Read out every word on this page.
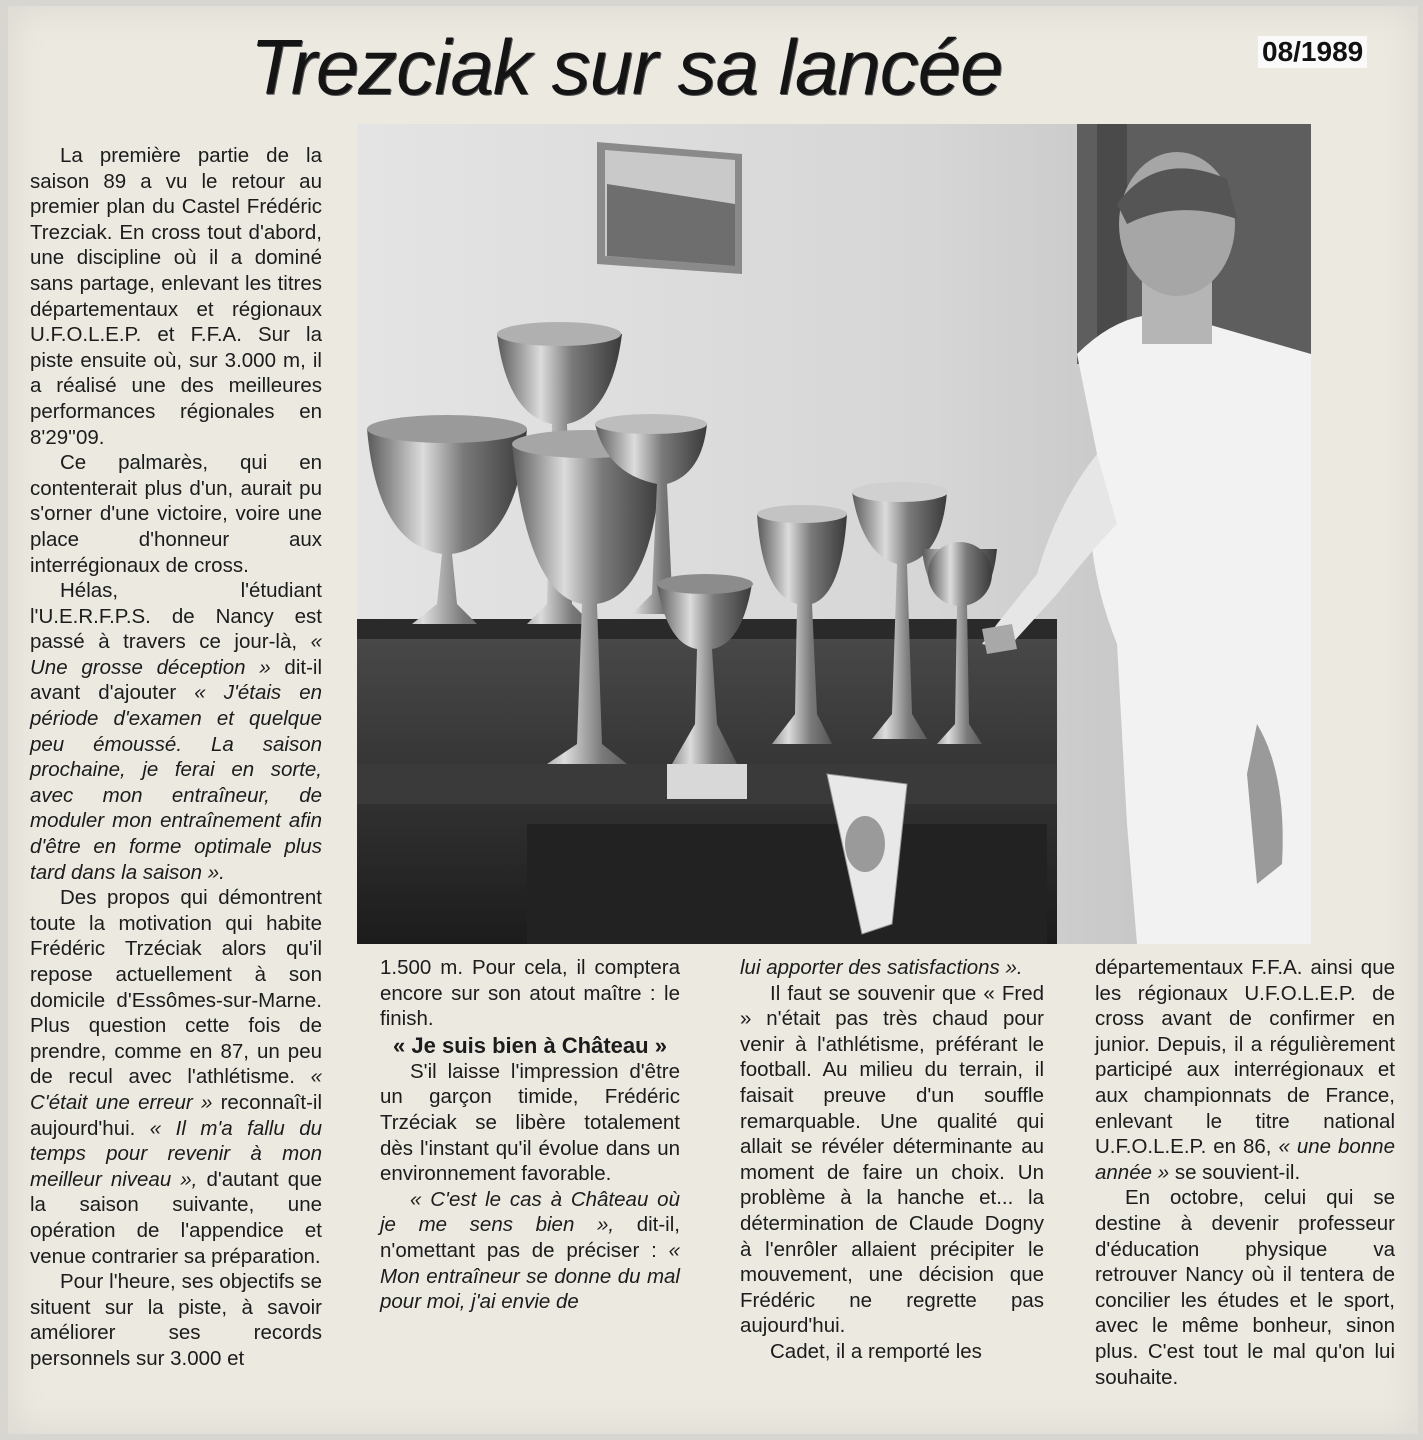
Trezciak sur sa lancée	08/1989

La première partie de la saison 89 a vu le retour au premier plan du Castel Frédéric Trezciak. En cross tout d'abord, une discipline où il a dominé sans partage, enlevant les titres départementaux et régionaux U.F.O.L.E.P. et F.F.A. Sur la piste ensuite où, sur 3.000 m, il a réalisé une des meilleures performances régionales en 8'29''09.

Ce palmarès, qui en contenterait plus d'un, aurait pu s'orner d'une victoire, voire une place d'honneur aux interrégionaux de cross.

Hélas, l'étudiant l'U.E.R.F.P.S. de Nancy est passé à travers ce jour-là, « Une grosse déception » dit-il avant d'ajouter « J'étais en période d'examen et quelque peu émoussé. La saison prochaine, je ferai en sorte, avec mon entraîneur, de moduler mon entraînement afin d'être en forme optimale plus tard dans la saison ».

Des propos qui démontrent toute la motivation qui habite Frédéric Trzéciak alors qu'il repose actuellement à son domicile d'Essômes-sur-Marne. Plus question cette fois de prendre, comme en 87, un peu de recul avec l'athlétisme. « C'était une erreur » reconnaît-il aujourd'hui. « Il m'a fallu du temps pour revenir à mon meilleur niveau », d'autant que la saison suivante, une opération de l'appendice et venue contrarier sa préparation.

Pour l'heure, ses objectifs se situent sur la piste, à savoir améliorer ses records personnels sur 3.000 et

1.500 m. Pour cela, il comptera encore sur son atout maître : le finish.

« Je suis bien à Château »

S'il laisse l'impression d'être un garçon timide, Frédéric Trzéciak se libère totalement dès l'instant qu'il évolue dans un environnement favorable.

« C'est le cas à Château où je me sens bien », dit-il, n'omettant pas de préciser : « Mon entraîneur se donne du mal pour moi, j'ai envie de

lui apporter des satisfactions ».

Il faut se souvenir que « Fred » n'était pas très chaud pour venir à l'athlétisme, préférant le football. Au milieu du terrain, il faisait preuve d'un souffle remarquable. Une qualité qui allait se révéler déterminante au moment de faire un choix. Un problème à la hanche et... la détermination de Claude Dogny à l'enrôler allaient précipiter le mouvement, une décision que Frédéric ne regrette pas aujourd'hui.

Cadet, il a remporté les

départementaux F.F.A. ainsi que les régionaux U.F.O.L.E.P. de cross avant de confirmer en junior. Depuis, il a régulièrement participé aux interrégionaux et aux championnats de France, enlevant le titre national U.F.O.L.E.P. en 86, « une bonne année » se souvient-il.

En octobre, celui qui se destine à devenir professeur d'éducation physique va retrouver Nancy où il tentera de concilier les études et le sport, avec le même bonheur, sinon plus. C'est tout le mal qu'on lui souhaite.
